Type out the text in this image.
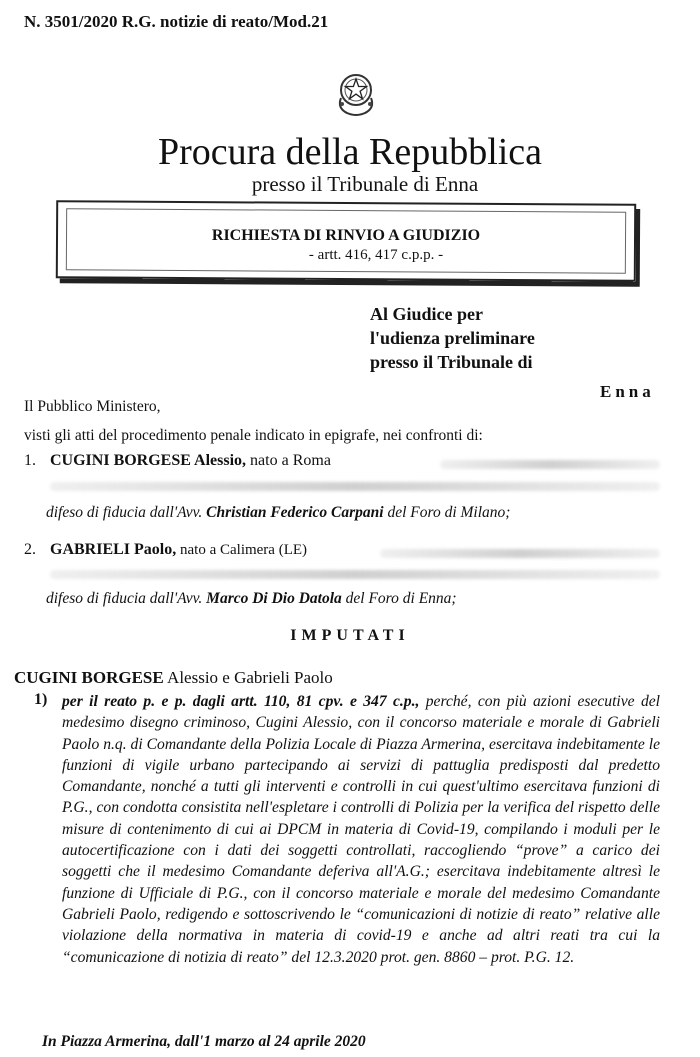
N. 3501/2020 R.G. notizie di reato/Mod.21
Procura della Repubblica
presso il Tribunale di Enna
RICHIESTA DI RINVIO A GIUDIZIO
- artt. 416, 417 c.p.p. -
Al Giudice per
l'udienza preliminare
presso il Tribunale di
Enna
Il Pubblico Ministero,
visti gli atti del procedimento penale indicato in epigrafe, nei confronti di:
1. CUGINI BORGESE Alessio, nato a Roma
difeso di fiducia dall'Avv. Christian Federico Carpani del Foro di Milano;
2. GABRIELI Paolo, nato a Calimera (LE)
difeso di fiducia dall'Avv. Marco Di Dio Datola del Foro di Enna;
IMPUTATI
CUGINI BORGESE Alessio e Gabrieli Paolo
1) per il reato p. e p. dagli artt. 110, 81 cpv. e 347 c.p., perché, con più azioni esecutive del medesimo disegno criminoso, Cugini Alessio, con il concorso materiale e morale di Gabrieli Paolo n.q. di Comandante della Polizia Locale di Piazza Armerina, esercitava indebitamente le funzioni di vigile urbano partecipando ai servizi di pattuglia predisposti dal predetto Comandante, nonché a tutti gli interventi e controlli in cui quest'ultimo esercitava funzioni di P.G., con condotta consistita nell'espletare i controlli di Polizia per la verifica del rispetto delle misure di contenimento di cui ai DPCM in materia di Covid-19, compilando i moduli per le autocertificazione con i dati dei soggetti controllati, raccogliendo “prove” a carico dei soggetti che il medesimo Comandante deferiva all'A.G.; esercitava indebitamente altresì le funzione di Ufficiale di P.G., con il concorso materiale e morale del medesimo Comandante Gabrieli Paolo, redigendo e sottoscrivendo le “comunicazioni di notizie di reato” relative alle violazione della normativa in materia di covid-19 e anche ad altri reati tra cui la “comunicazione di notizia di reato” del 12.3.2020 prot. gen. 8860 – prot. P.G. 12.
In Piazza Armerina, dall'1 marzo al 24 aprile 2020
